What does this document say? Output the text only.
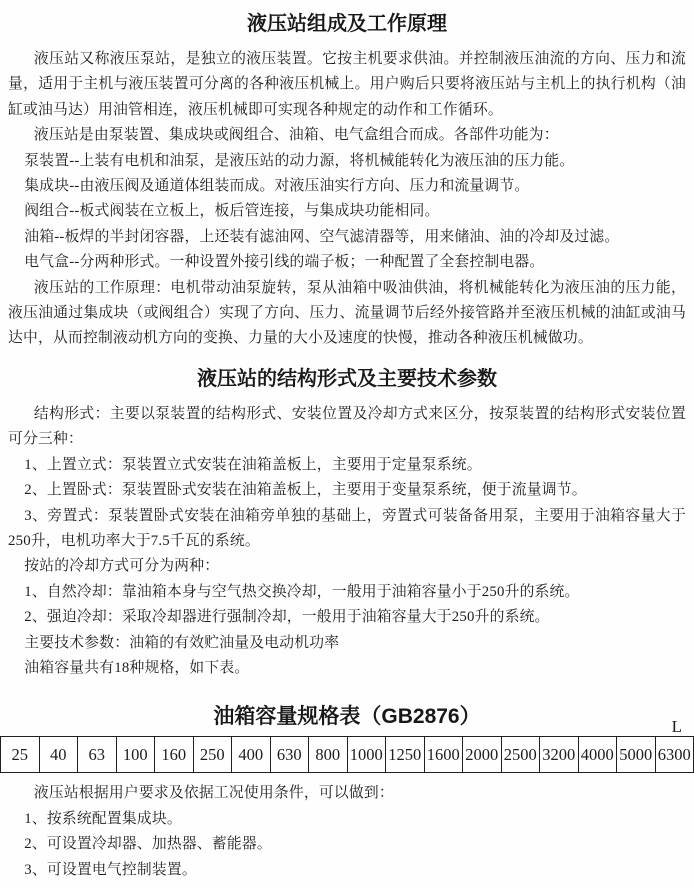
液压站组成及工作原理

液压站又称液压泵站，是独立的液压装置。它按主机要求供油。并控制液压油流的方向、压力和流量，适用于主机与液压装置可分离的各种液压机械上。用户购后只要将液压站与主机上的执行机构（油缸或油马达）用油管相连，液压机械即可实现各种规定的动作和工作循环。

液压站是由泵装置、集成块或阀组合、油箱、电气盒组合而成。各部件功能为：

泵装置--上装有电机和油泵，是液压站的动力源，将机械能转化为液压油的压力能。

集成块--由液压阀及通道体组装而成。对液压油实行方向、压力和流量调节。

阀组合--板式阀装在立板上，板后管连接，与集成块功能相同。

油箱--板焊的半封闭容器，上还装有滤油网、空气滤清器等，用来储油、油的冷却及过滤。

电气盒--分两种形式。一种设置外接引线的端子板；一种配置了全套控制电器。

液压站的工作原理：电机带动油泵旋转，泵从油箱中吸油供油，将机械能转化为液压油的压力能，液压油通过集成块（或阀组合）实现了方向、压力、流量调节后经外接管路并至液压机械的油缸或油马达中，从而控制液动机方向的变换、力量的大小及速度的快慢，推动各种液压机械做功。

液压站的结构形式及主要技术参数

结构形式：主要以泵装置的结构形式、安装位置及冷却方式来区分，按泵装置的结构形式安装位置可分三种：

1、上置立式：泵装置立式安装在油箱盖板上，主要用于定量泵系统。

2、上置卧式：泵装置卧式安装在油箱盖板上，主要用于变量泵系统，便于流量调节。

3、旁置式：泵装置卧式安装在油箱旁单独的基础上，旁置式可装备备用泵，主要用于油箱容量大于250升，电机功率大于7.5千瓦的系统。

按站的冷却方式可分为两种：

1、自然冷却：靠油箱本身与空气热交换冷却，一般用于油箱容量小于250升的系统。

2、强迫冷却：采取冷却器进行强制冷却，一般用于油箱容量大于250升的系统。

主要技术参数：油箱的有效贮油量及电动机功率

油箱容量共有18种规格，如下表。

油箱容量规格表（GB2876）	L
25	40	63	100	160	250	400	630	800	1000	1250	1600	2000	2500	3200	4000	5000	6300

液压站根据用户要求及依据工况使用条件，可以做到：

1、按系统配置集成块。

2、可设置冷却器、加热器、蓄能器。

3、可设置电气控制装置。
